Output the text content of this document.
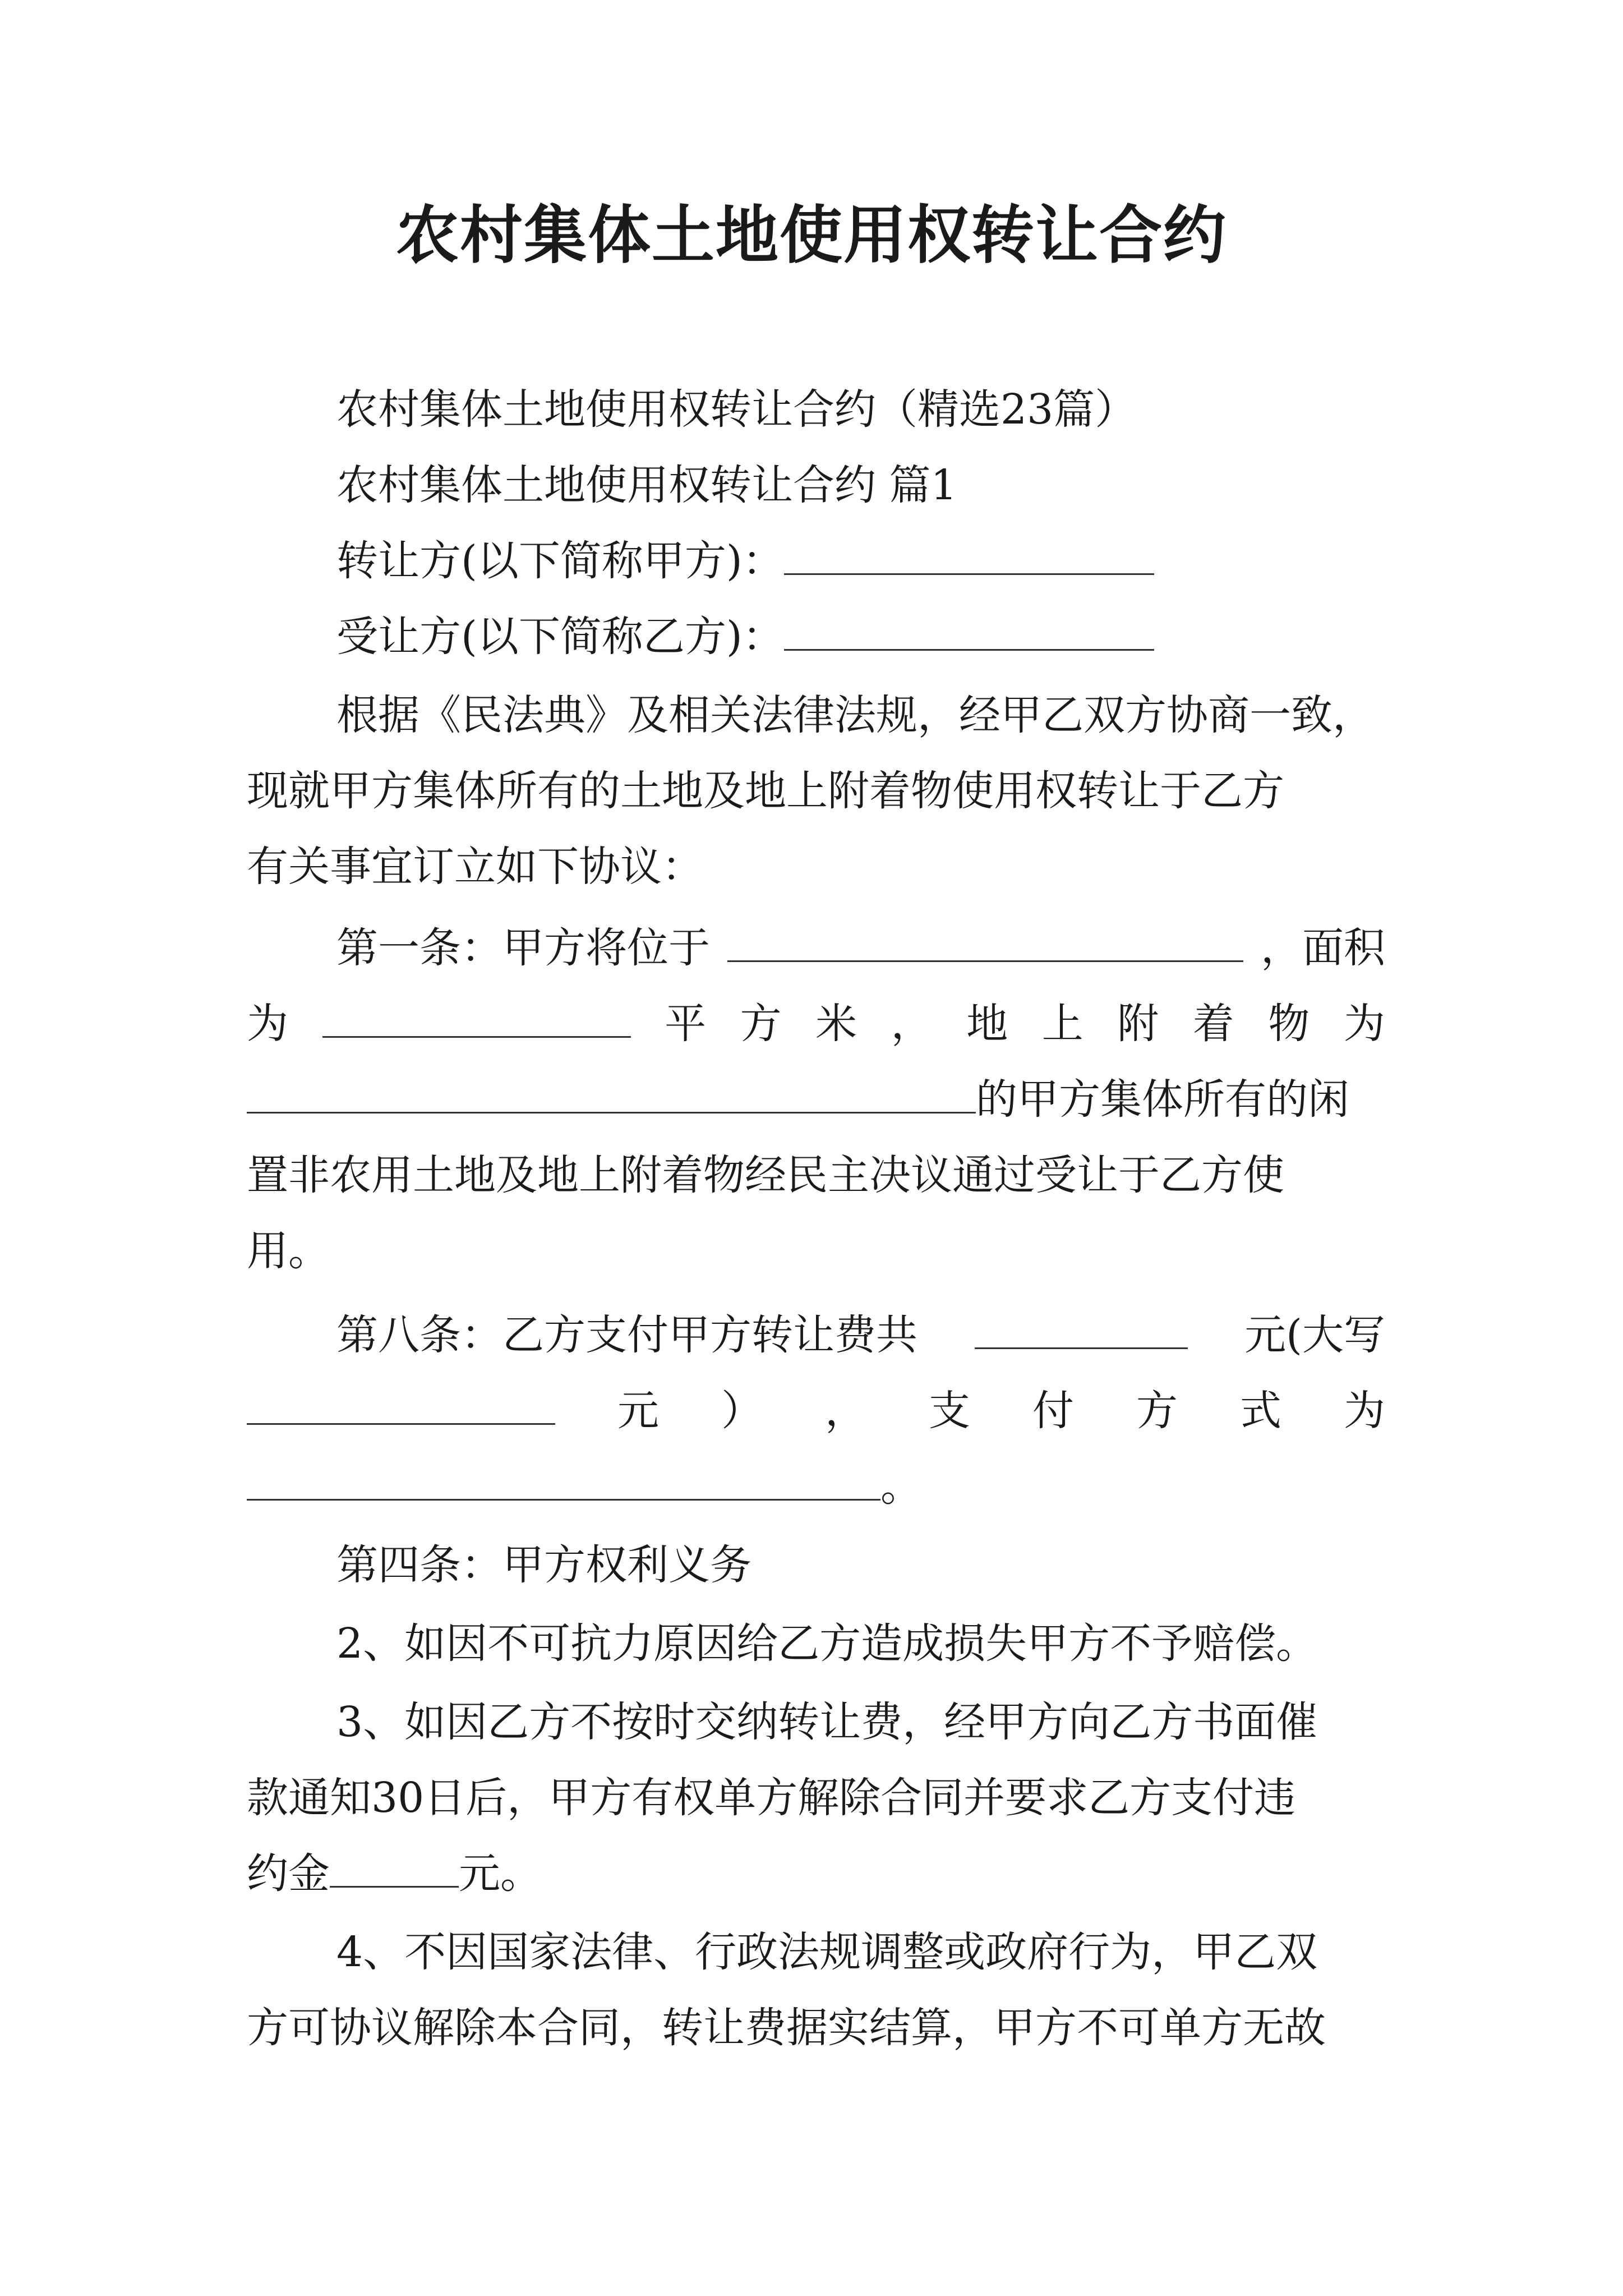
农村集体土地使用权转让合约
农村集体土地使用权转让合约（精选23篇）
农村集体土地使用权转让合约 篇1
转让方(以下简称甲方)：
受让方(以下简称乙方)：
根据《民法典》及相关法律法规，经甲乙双方协商一致，
现就甲方集体所有的土地及地上附着物使用权转让于乙方
有关事宜订立如下协议：
第一条：甲方将位于	，面积
为	平 方 米 ， 地 上 附 着 物 为
的甲方集体所有的闲
置非农用土地及地上附着物经民主决议通过受让于乙方使
用。
第八条：乙方支付甲方转让费共	元(大写
元 ） ， 支 付 方 式 为
。
第四条：甲方权利义务
2、如因不可抗力原因给乙方造成损失甲方不予赔偿。
3、如因乙方不按时交纳转让费，经甲方向乙方书面催
款通知30日后，甲方有权单方解除合同并要求乙方支付违
约金	元。
4、不因国家法律、行政法规调整或政府行为，甲乙双
方可协议解除本合同，转让费据实结算，甲方不可单方无故
